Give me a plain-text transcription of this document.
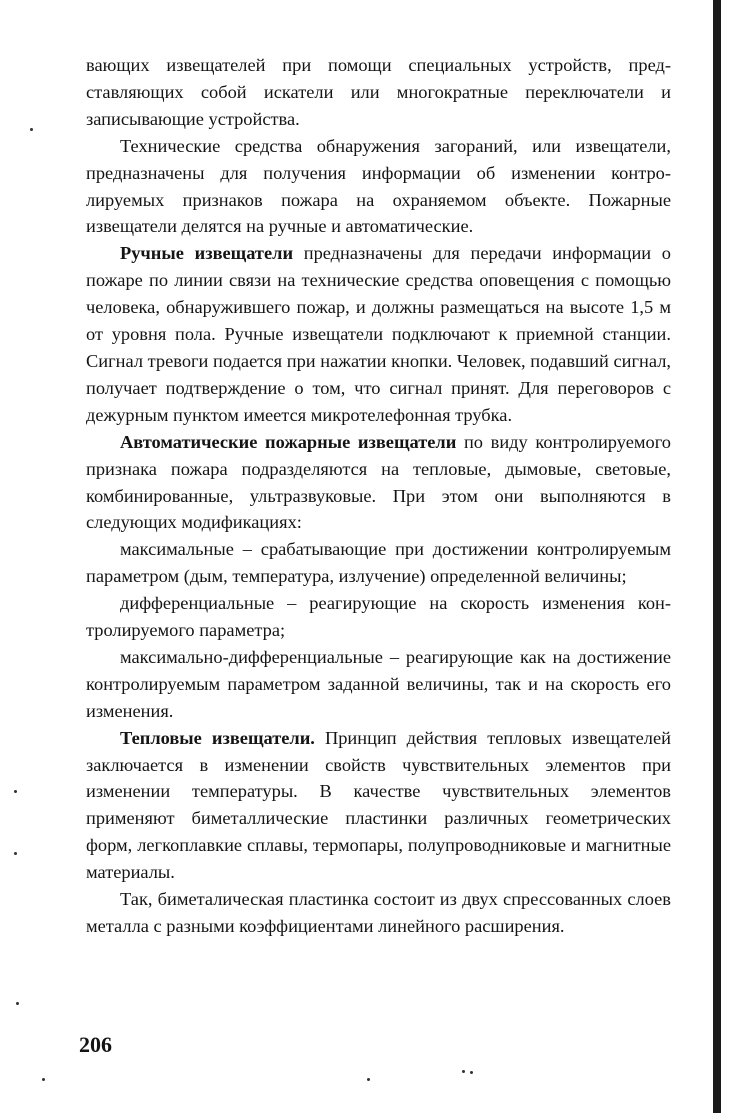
вающих извещателей при помощи специальных устройств, представляющих собой искатели или многократные переключатели и записывающие устройства.

Технические средства обнаружения загораний, или извещатели, предназначены для получения информации об изменении контролируемых признаков пожара на охраняемом объекте. Пожарные извещатели делятся на ручные и автоматические.

Ручные извещатели предназначены для передачи информации о пожаре по линии связи на технические средства оповещения с помощью человека, обнаружившего пожар, и должны размещаться на высоте 1,5 м от уровня пола. Ручные извещатели подключают к приемной станции. Сигнал тревоги подается при нажатии кнопки. Человек, подавший сигнал, получает подтверждение о том, что сигнал принят. Для переговоров с дежурным пунктом имеется микротелефонная трубка.

Автоматические пожарные извещатели по виду контролируемого признака пожара подразделяются на тепловые, дымовые, световые, комбинированные, ультразвуковые. При этом они выполняются в следующих модификациях:

максимальные – срабатывающие при достижении контролируемым параметром (дым, температура, излучение) определенной величины;

дифференциальные – реагирующие на скорость изменения контролируемого параметра;

максимально-дифференциальные – реагирующие как на достижение контролируемым параметром заданной величины, так и на скорость его изменения.

Тепловые извещатели. Принцип действия тепловых извещателей заключается в изменении свойств чувствительных элементов при изменении температуры. В качестве чувствительных элементов применяют биметаллические пластинки различных геометрических форм, легкоплавкие сплавы, термопары, полупроводниковые и магнитные материалы.

Так, биметалическая пластинка состоит из двух спрессованных слоев металла с разными коэффициентами линейного расширения.

206
